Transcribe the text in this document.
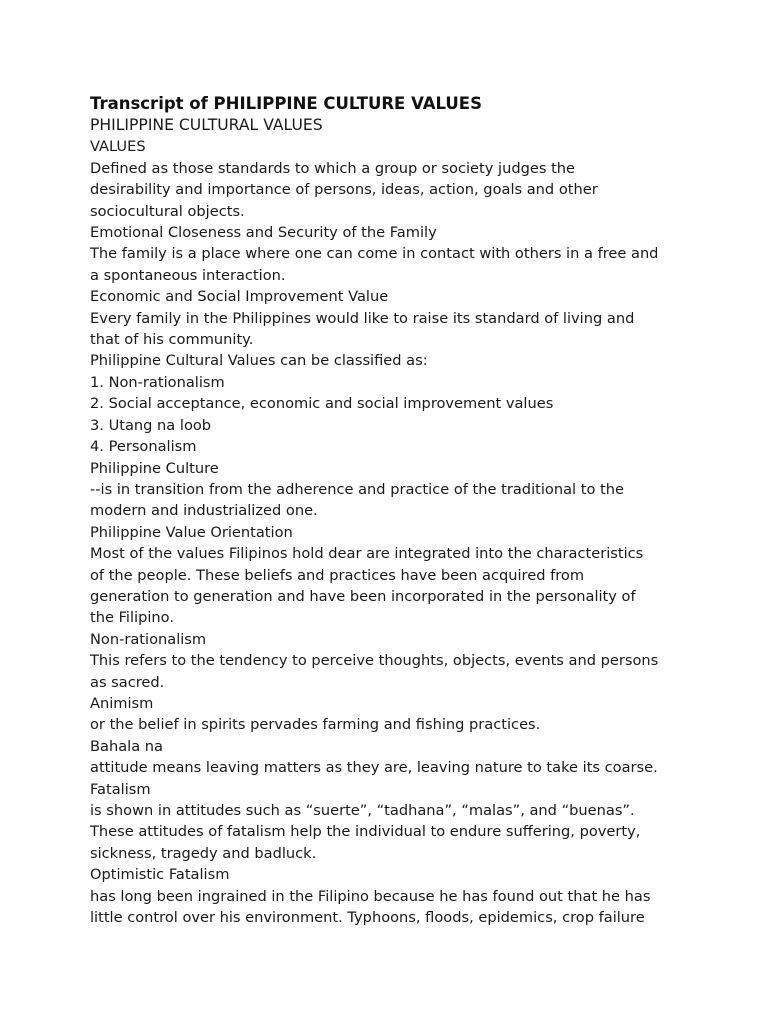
Transcript of PHILIPPINE CULTURE VALUES

PHILIPPINE CULTURAL VALUES

VALUES

Defined as those standards to which a group or society judges the

desirability and importance of persons, ideas, action, goals and other

sociocultural objects.

Emotional Closeness and Security of the Family

The family is a place where one can come in contact with others in a free and

a spontaneous interaction.

Economic and Social Improvement Value

Every family in the Philippines would like to raise its standard of living and

that of his community.

Philippine Cultural Values can be classified as:

1. Non-rationalism

2. Social acceptance, economic and social improvement values

3. Utang na loob

4. Personalism

Philippine Culture

--is in transition from the adherence and practice of the traditional to the

modern and industrialized one.

Philippine Value Orientation

Most of the values Filipinos hold dear are integrated into the characteristics

of the people. These beliefs and practices have been acquired from

generation to generation and have been incorporated in the personality of

the Filipino.

Non-rationalism

This refers to the tendency to perceive thoughts, objects, events and persons

as sacred.

Animism

or the belief in spirits pervades farming and fishing practices.

Bahala na

attitude means leaving matters as they are, leaving nature to take its coarse.

Fatalism

is shown in attitudes such as “suerte”, “tadhana”, “malas”, and “buenas”.

These attitudes of fatalism help the individual to endure suffering, poverty,

sickness, tragedy and badluck.

Optimistic Fatalism

has long been ingrained in the Filipino because he has found out that he has

little control over his environment. Typhoons, floods, epidemics, crop failure
